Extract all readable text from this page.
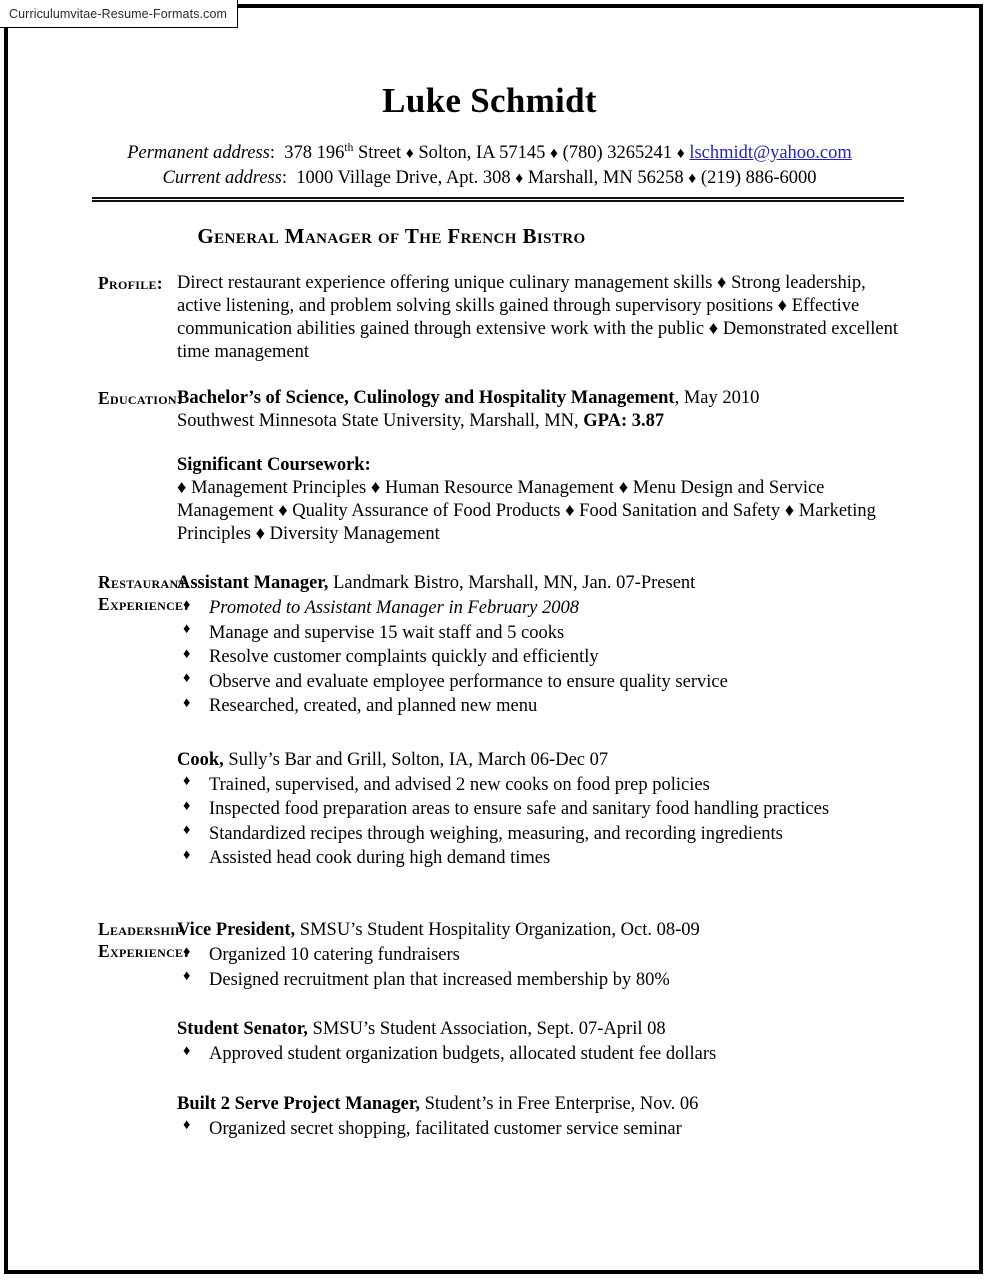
Luke Schmidt
Permanent address: 378 196th Street ♦ Solton, IA 57145 ♦ (780) 3265241 ♦ lschmidt@yahoo.com
Current address: 1000 Village Drive, Apt. 308 ♦ Marshall, MN 56258 ♦ (219) 886-6000
General Manager of The French Bistro
Profile: Direct restaurant experience offering unique culinary management skills ♦ Strong leadership, active listening, and problem solving skills gained through supervisory positions ♦ Effective communication abilities gained through extensive work with the public ♦ Demonstrated excellent time management

Education:

Bachelor’s of Science, Culinology and Hospitality Management, May 2010

Southwest Minnesota State University, Marshall, MN, GPA: 3.87

Significant Coursework:

♦ Management Principles ♦ Human Resource Management ♦ Menu Design and Service Management ♦ Quality Assurance of Food Products ♦ Food Sanitation and Safety ♦ Marketing Principles ♦ Diversity Management

Restaurant
Experience:

Assistant Manager, Landmark Bistro, Marshall, MN, Jan. 07-Present

♦ Promoted to Assistant Manager in February 2008
♦ Manage and supervise 15 wait staff and 5 cooks
♦ Resolve customer complaints quickly and efficiently
♦ Observe and evaluate employee performance to ensure quality service
♦ Researched, created, and planned new menu

Cook, Sully’s Bar and Grill, Solton, IA, March 06-Dec 07

♦ Trained, supervised, and advised 2 new cooks on food prep policies
♦ Inspected food preparation areas to ensure safe and sanitary food handling practices
♦ Standardized recipes through weighing, measuring, and recording ingredients
♦ Assisted head cook during high demand times
Leadership
Experience:

Vice President, SMSU’s Student Hospitality Organization, Oct. 08-09

♦ Organized 10 catering fundraisers
♦ Designed recruitment plan that increased membership by 80%

Student Senator, SMSU’s Student Association, Sept. 07-April 08

♦ Approved student organization budgets, allocated student fee dollars

Built 2 Serve Project Manager, Student’s in Free Enterprise, Nov. 06

♦ Organized secret shopping, facilitated customer service seminar
Curriculumvitae-Resume-Formats.com
